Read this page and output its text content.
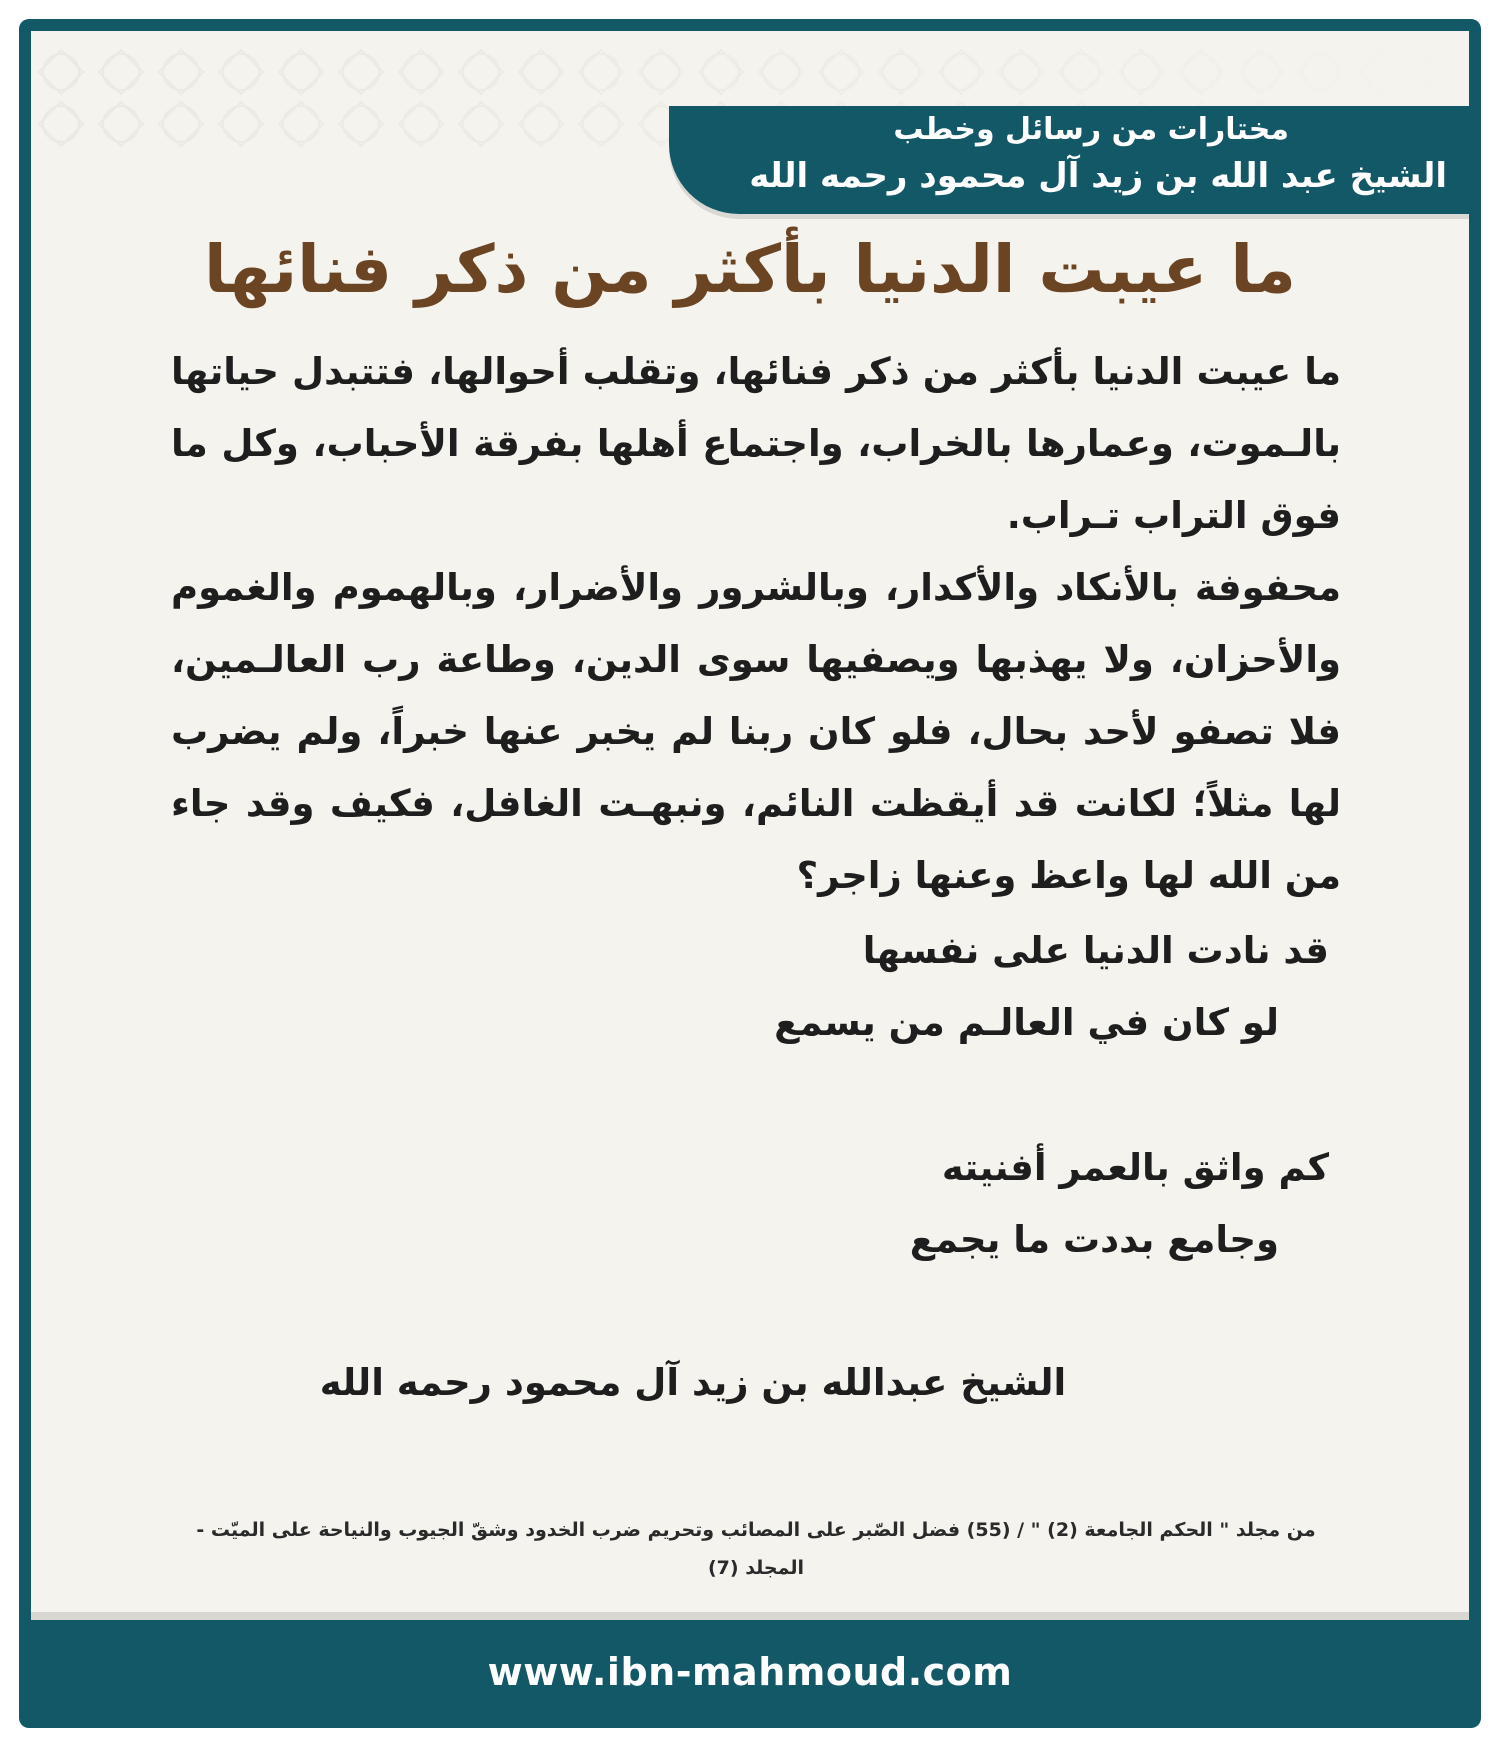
مختارات من رسائل وخطب
الشيخ عبد الله بن زيد آل محمود رحمه الله
ما عيبت الدنيا بأكثر من ذكر فنائها
ما عيبت الدنيا بأكثر من ذكر فنائها، وتقلب أحوالها، فتتبدل حياتها بالـموت، وعمارها بالخراب، واجتماع أهلها بفرقة الأحباب، وكل ما فوق التراب تـراب.
محفوفة بالأنكاد والأكدار، وبالشرور والأضرار، وبالهموم والغموم والأحزان، ولا يهذبها ويصفيها سوى الدين، وطاعة رب العالـمين، فلا تصفو لأحد بحال، فلو كان ربنا لم يخبر عنها خبراً، ولم يضرب لها مثلاً؛ لكانت قد أيقظت النائم، ونبهـت الغافل، فكيف وقد جاء من الله لها واعظ وعنها زاجر؟
قد نادت الدنيا على نفسها
لو كان في العالـم من يسمع
كم واثق بالعمر أفنيته
وجامع بددت ما يجمع
الشيخ عبدالله بن زيد آل محمود رحمه الله
من مجلد " الحكم الجامعة (2) " / (55) فضل الصّبر على المصائب وتحريم ضرب الخدود وشقّ الجيوب والنياحة على الميّت - المجلد (7)
www.ibn-mahmoud.com
